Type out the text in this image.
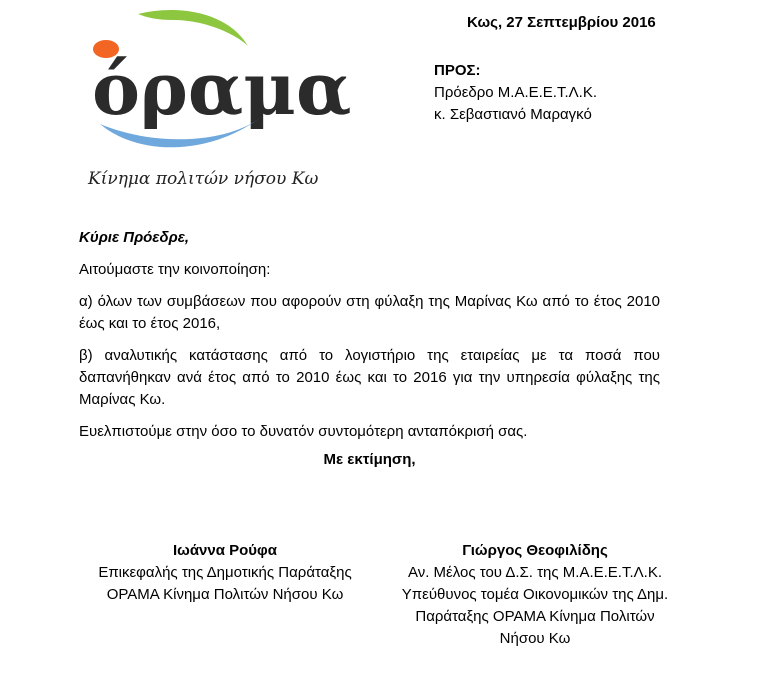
όραμα
Κίνημα πολιτών νήσου Κω
Κως, 27 Σεπτεμβρίου 2016
ΠΡΟΣ:
Πρόεδρο Μ.Α.Ε.Ε.Τ.Λ.Κ.
κ. Σεβαστιανό Μαραγκό

Κύριε Πρόεδρε,

Αιτούμαστε την κοινοποίηση:

α) όλων των συμβάσεων που αφορούν στη φύλαξη της Μαρίνας Κω από το έτος 2010 έως και το έτος 2016,

β) αναλυτικής κατάστασης από το λογιστήριο της εταιρείας με τα ποσά που δαπανήθηκαν ανά έτος από το 2010 έως και το 2016 για την υπηρεσία φύλαξης της Μαρίνας Κω.

Ευελπιστούμε στην όσο το δυνατόν συντομότερη ανταπόκρισή σας.

Με εκτίμηση,

Ιωάννα Ρούφα
Επικεφαλής της Δημοτικής Παράταξης
ΟΡΑΜΑ Κίνημα Πολιτών Νήσου Κω
Γιώργος Θεοφιλίδης
Αν. Μέλος του Δ.Σ. της Μ.Α.Ε.Ε.Τ.Λ.Κ.
Υπεύθυνος τομέα Οικονομικών της Δημ.
Παράταξης ΟΡΑΜΑ Κίνημα Πολιτών
Νήσου Κω
